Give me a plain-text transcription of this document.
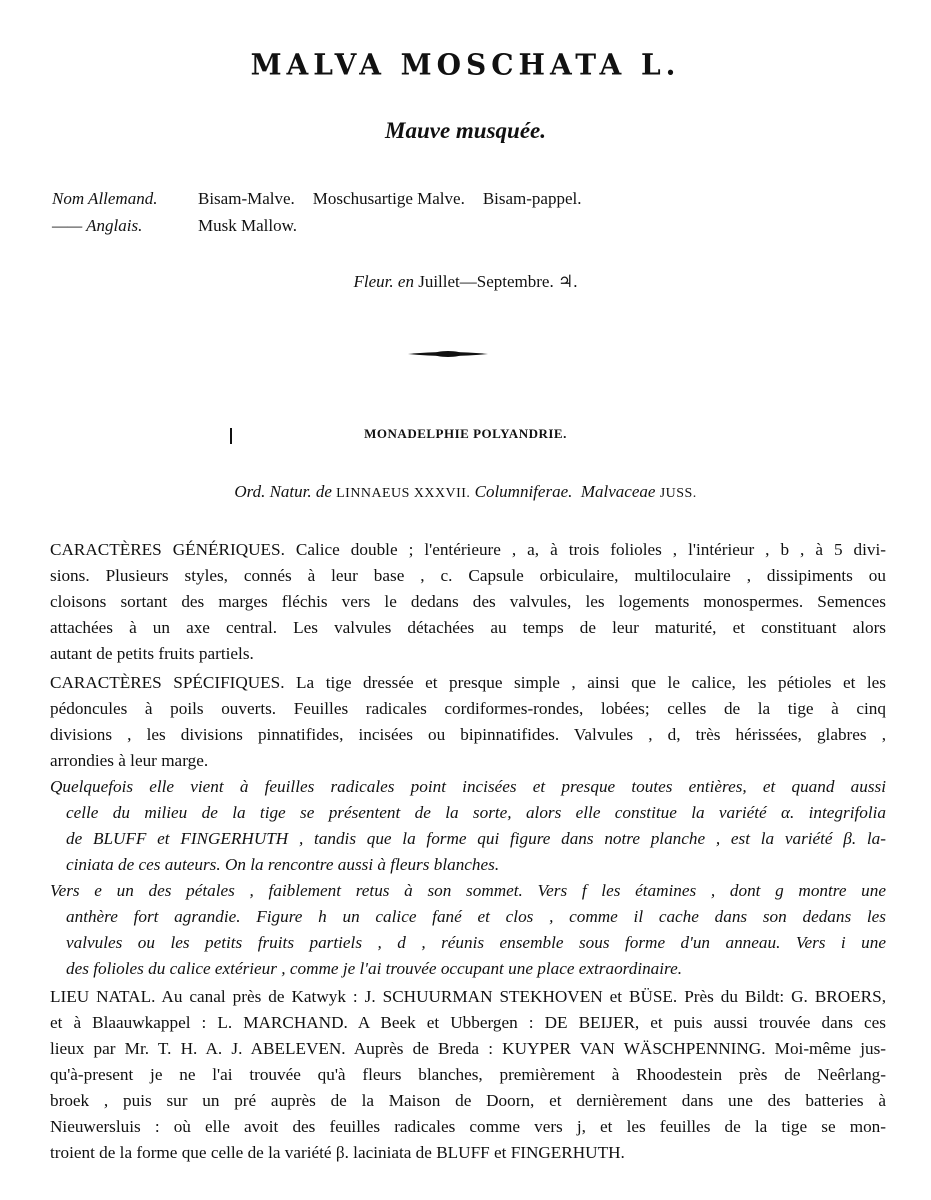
MALVA MOSCHATA L.
Mauve musquée.
Nom Allemand. Bisam-Malve. Moschusartige Malve. Bisam-pappel.
—— Anglais.	Musk Mallow.
Fleur. en Juillet—Septembre. ♃.
MONADELPHIE POLYANDRIE.
Ord. Natur. de LINNAEUS XXXVII. Columniferae. Malvaceae JUSS.
CARACTÈRES GÉNÉRIQUES. Calice double ; l'entérieure , a, à trois folioles , l'intérieur , b , à 5 divi-
sions. Plusieurs styles, connés à leur base , c. Capsule orbiculaire, multiloculaire , dissipiments ou
cloisons sortant des marges fléchis vers le dedans des valvules, les logements monospermes. Semences
attachées à un axe central. Les valvules détachées au temps de leur maturité, et constituant alors
autant de petits fruits partiels.
CARACTÈRES SPÉCIFIQUES. La tige dressée et presque simple , ainsi que le calice, les pétioles et les
pédoncules à poils ouverts. Feuilles radicales cordiformes-rondes, lobées; celles de la tige à cinq
divisions , les divisions pinnatifides, incisées ou bipinnatifides. Valvules , d, très hérissées, glabres ,
arrondies à leur marge.
Quelquefois elle vient à feuilles radicales point incisées et presque toutes entières, et quand aussi
celle du milieu de la tige se présentent de la sorte, alors elle constitue la variété α. integrifolia
de BLUFF et FINGERHUTH , tandis que la forme qui figure dans notre planche , est la variété β. la-
ciniata de ces auteurs. On la rencontre aussi à fleurs blanches.
Vers e un des pétales , faiblement retus à son sommet. Vers f les étamines , dont g montre une
anthère fort agrandie. Figure h un calice fané et clos , comme il cache dans son dedans les
valvules ou les petits fruits partiels , d , réunis ensemble sous forme d'un anneau. Vers i une
des folioles du calice extérieur , comme je l'ai trouvée occupant une place extraordinaire.
LIEU NATAL. Au canal près de Katwyk : J. SCHUURMAN STEKHOVEN et BÜSE. Près du Bildt: G. BROERS,
et à Blaauwkappel : L. MARCHAND. A Beek et Ubbergen : DE BEIJER, et puis aussi trouvée dans ces
lieux par Mr. T. H. A. J. ABELEVEN. Auprès de Breda : KUYPER VAN WÄSCHPENNING. Moi-même jus-
qu'à-present je ne l'ai trouvée qu'à fleurs blanches, premièrement à Rhoodestein près de Neêrlang-
broek , puis sur un pré auprès de la Maison de Doorn, et dernièrement dans une des batteries à
Nieuwersluis : où elle avoit des feuilles radicales comme vers j, et les feuilles de la tige se mon-
troient de la forme que celle de la variété β. laciniata de BLUFF et FINGERHUTH.
